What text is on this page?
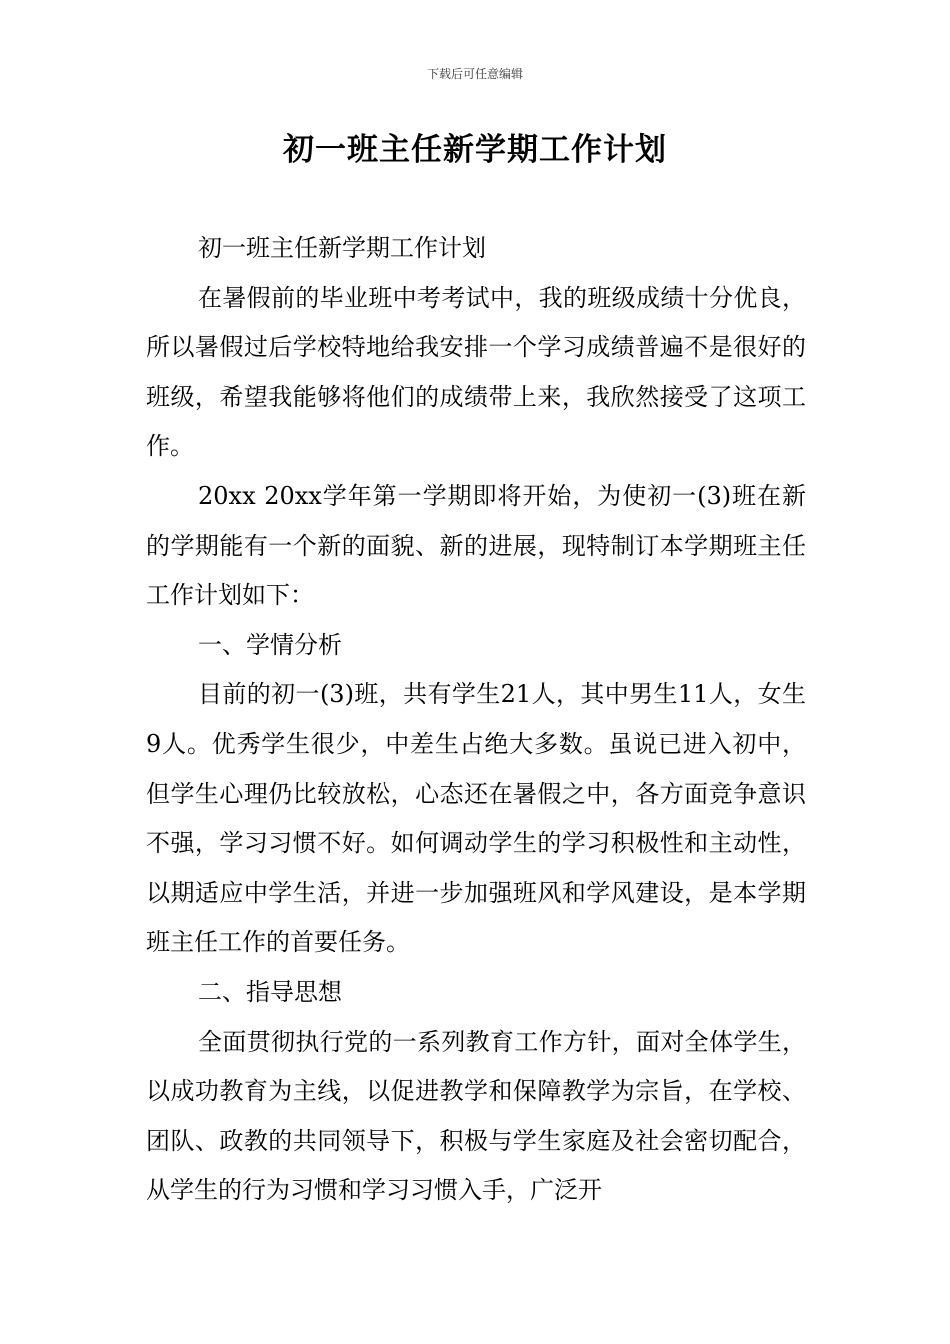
下载后可任意编辑
初一班主任新学期工作计划

初一班主任新学期工作计划

在暑假前的毕业班中考考试中，我的班级成绩十分优良，所以暑假过后学校特地给我安排一个学习成绩普遍不是很好的班级，希望我能够将他们的成绩带上来，我欣然接受了这项工作。

20xx 20xx学年第一学期即将开始，为使初一(3)班在新的学期能有一个新的面貌、新的进展，现特制订本学期班主任工作计划如下：

一、学情分析

目前的初一(3)班，共有学生21人，其中男生11人，女生9人。优秀学生很少，中差生占绝大多数。虽说已进入初中，但学生心理仍比较放松，心态还在暑假之中，各方面竞争意识不强，学习习惯不好。如何调动学生的学习积极性和主动性，以期适应中学生活，并进一步加强班风和学风建设，是本学期班主任工作的首要任务。

二、指导思想

全面贯彻执行党的一系列教育工作方针，面对全体学生，以成功教育为主线，以促进教学和保障教学为宗旨，在学校、团队、政教的共同领导下，积极与学生家庭及社会密切配合，从学生的行为习惯和学习习惯入手，广泛开
